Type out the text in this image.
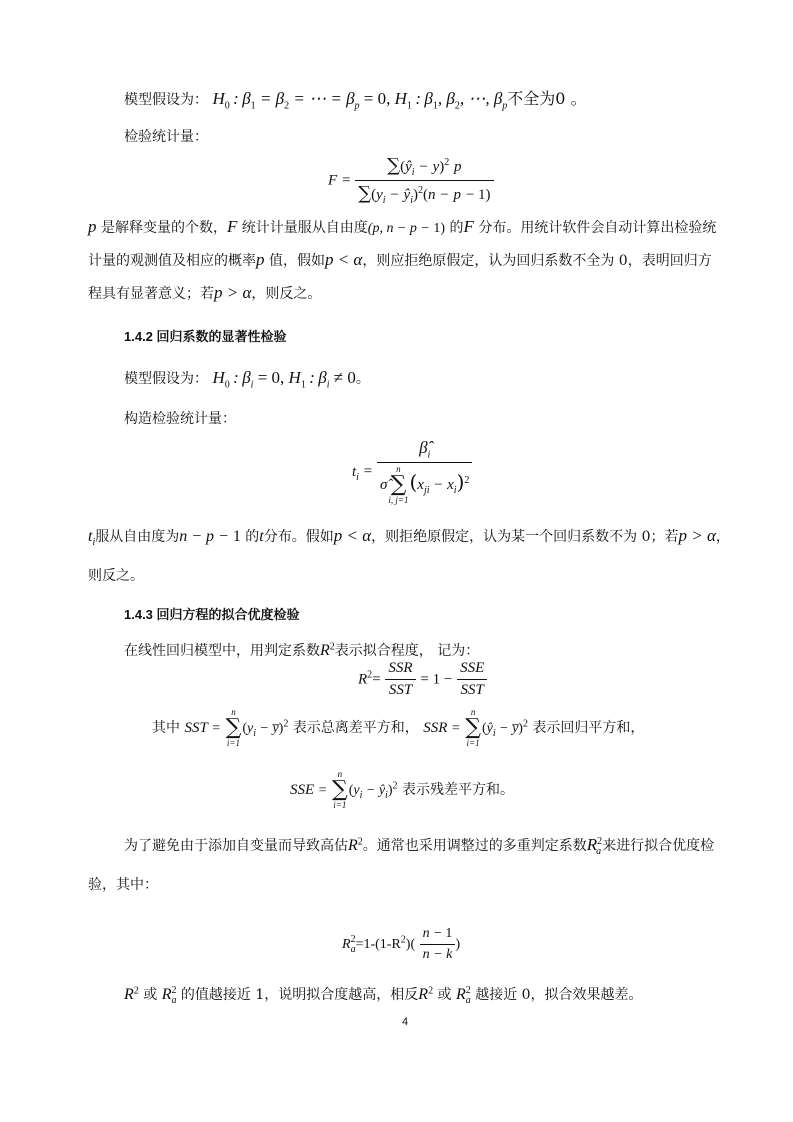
模型假设为： $H_0$ : $\beta_1 = \beta_2$ = ⋯ = $\beta_p = 0$, $H_1$ : $\beta_1$, $\beta_2$, ⋯, $\beta_p$不全为0 。
检验统计量：
$F = \frac{\sum(ŷ_i - y)^2 p}{\sum(y_i - ŷ_i)^2(n - p - 1)}$
p 是解释变量的个数，F 统计计量服从自由度(p, n − p − 1) 的F 分布。用统计软件会自动计算出检验统
计量的观测值及相应的概率p 值，假如p < α，则应拒绝原假定，认为回归系数不全为 0，表明回归方
程具有显著意义；若p > α，则反之。
1.4.2 回归系数的显著性检验
模型假设为： $H_0$ : $\beta_i = 0$, $H_1$ : $\beta_i \ne 0$。
构造检验统计量：
$t_i$ = $\betâ_i$
σ̂
n
∑
i, j=1
$(x_{ji} - x_i)^2$
$t_i$服从自由度为n − p − 1 的t分布。假如p < α，则拒绝原假定，认为某一个回归系数不为 0；若p > α，
则反之。
1.4.3 回归方程的拟合优度检验
在线性回归模型中，用判定系数$R^2$表示拟合程度， 记为：
$R^2= \frac{\text{SSR}}{\text{SST}} = 1 - \frac{\text{SSE}}{\text{SST}}$
其中 SST =
n
∑
i=1
($y_i$ − y̅)$^2$ 表示总离差平方和， SSR =
n
∑
i=1
($ŷ_i$ − y̅)$^2$ 表示回归平方和，
SSE =
n
∑
i=1
($y_i$ − $ŷ_i)^2$ 表示残差平方和。
为了避免由于添加自变量而导致高估$R^2$。通常也采用调整过的多重判定系数$R_a^2$来进行拟合优度检
验，其中：
$R_a^2=1-(1-R^2)( \frac{n - 1}{n - k}$ )
$R^2$ 或 $R_a^2$ 的值越接近 1，说明拟合度越高，相反$R^2$ 或 $R_a^2$ 越接近 0，拟合效果越差。
4
